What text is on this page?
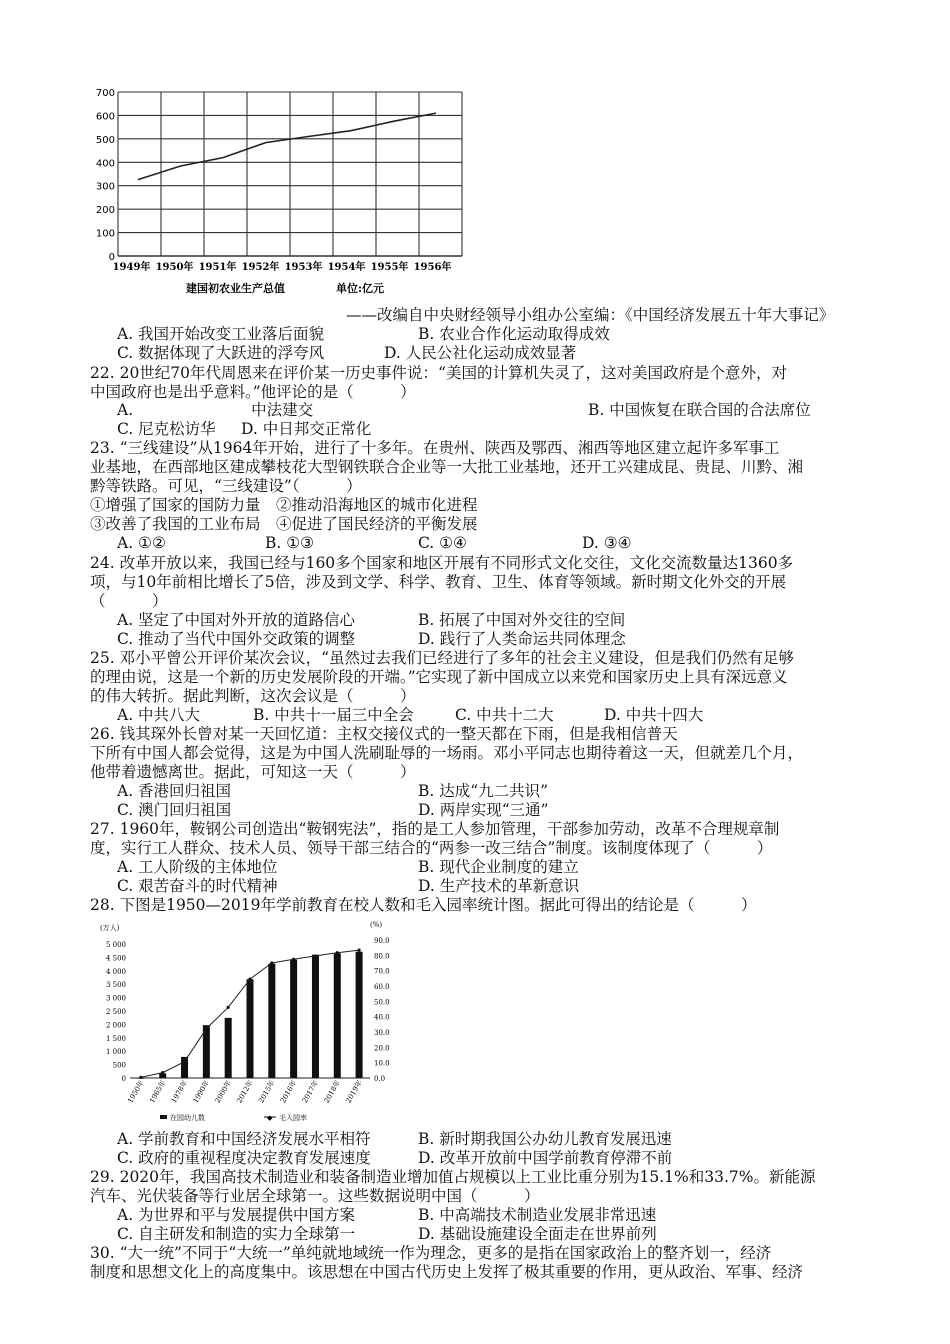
0
100
200
300
400
500
600
700
1949年 1950年 1951年 1952年 1953年 1954年 1955年 1956年
建国初农业生产总值	单位:亿元
——改编自中央财经领导小组办公室编：《中国经济发展五十年大事记》
A. 我国开始改变工业落后面貌	B. 农业合作化运动取得成效
C. 数据体现了大跃进的浮夸风	D. 人民公社化运动成效显著
22. 20世纪70年代周恩来在评价某一历史事件说：“美国的计算机失灵了，这对美国政府是个意外，对
中国政府也是出乎意料。”他评论的是（　　　）
A.	中法建交	B. 中国恢复在联合国的合法席位
C. 尼克松访华 D. 中日邦交正常化
23. “三线建设”从1964年开始，进行了十多年。在贵州、陕西及鄂西、湘西等地区建立起许多军事工
业基地，在西部地区建成攀枝花大型钢铁联合企业等一大批工业基地，还开工兴建成昆、贵昆、川黔、湘
黔等铁路。可见，“三线建设”（　　　）
①增强了国家的国防力量　②推动沿海地区的城市化进程
③改善了我国的工业布局　④促进了国民经济的平衡发展
A. ①②	B. ①③	C. ①④	D. ③④
24. 改革开放以来，我国已经与160多个国家和地区开展有不同形式文化交往，文化交流数量达1360多
项，与10年前相比增长了5倍，涉及到文学、科学、教育、卫生、体育等领域。新时期文化外交的开展
（　　　）
A. 坚定了中国对外开放的道路信心	B. 拓展了中国对外交往的空间
C. 推动了当代中国外交政策的调整	D. 践行了人类命运共同体理念
25. 邓小平曾公开评价某次会议，“虽然过去我们已经进行了多年的社会主义建设，但是我们仍然有足够
的理由说，这是一个新的历史发展阶段的开端。”它实现了新中国成立以来党和国家历史上具有深远意义
的伟大转折。据此判断，这次会议是（　　　）
A. 中共八大	B. 中共十一届三中全会	C. 中共十二大	D. 中共十四大
26. 钱其琛外长曾对某一天回忆道：主权交接仪式的一整天都在下雨，但是我相信普天
下所有中国人都会觉得，这是为中国人洗刷耻辱的一场雨。邓小平同志也期待着这一天，但就差几个月，
他带着遗憾离世。据此，可知这一天（　　　）
A. 香港回归祖国	B. 达成“九二共识”
C. 澳门回归祖国	D. 两岸实现“三通”
27. 1960年，鞍钢公司创造出“鞍钢宪法”，指的是工人参加管理，干部参加劳动，改革不合理规章制
度，实行工人群众、技术人员、领导干部三结合的“两参一改三结合”制度。该制度体现了（　　　）
A. 工人阶级的主体地位	B. 现代企业制度的建立
C. 艰苦奋斗的时代精神	D. 生产技术的革新意识
28. 下图是1950—2019年学前教育在校人数和毛入园率统计图。据此可得出的结论是（　　　）
(万人)	(%)
0
500
1 000
1 500
2 000
2 500
3 000
3 500
4 000
4 500
5 000
0.0
10.0
20.0
30.0
40.0
50.0
60.0
70.0
80.0
90.0
1950年 1965年 1978年 1990年 2000年 2012年 2015年 2016年 2017年 2018年 2019年
在园幼儿数	◆ 毛入园率
A. 学前教育和中国经济发展水平相符	B. 新时期我国公办幼儿教育发展迅速
C. 政府的重视程度决定教育发展速度	D. 改革开放前中国学前教育停滞不前
29. 2020年，我国高技术制造业和装备制造业增加值占规模以上工业比重分别为15.1%和33.7%。新能源
汽车、光伏装备等行业居全球第一。这些数据说明中国（　　　）
A. 为世界和平与发展提供中国方案	B. 中高端技术制造业发展非常迅速
C. 自主研发和制造的实力全球第一	D. 基础设施建设全面走在世界前列
30. “大一统”不同于“大统一”单纯就地域统一作为理念，更多的是指在国家政治上的整齐划一，经济
制度和思想文化上的高度集中。该思想在中国古代历史上发挥了极其重要的作用，更从政治、军事、经济
